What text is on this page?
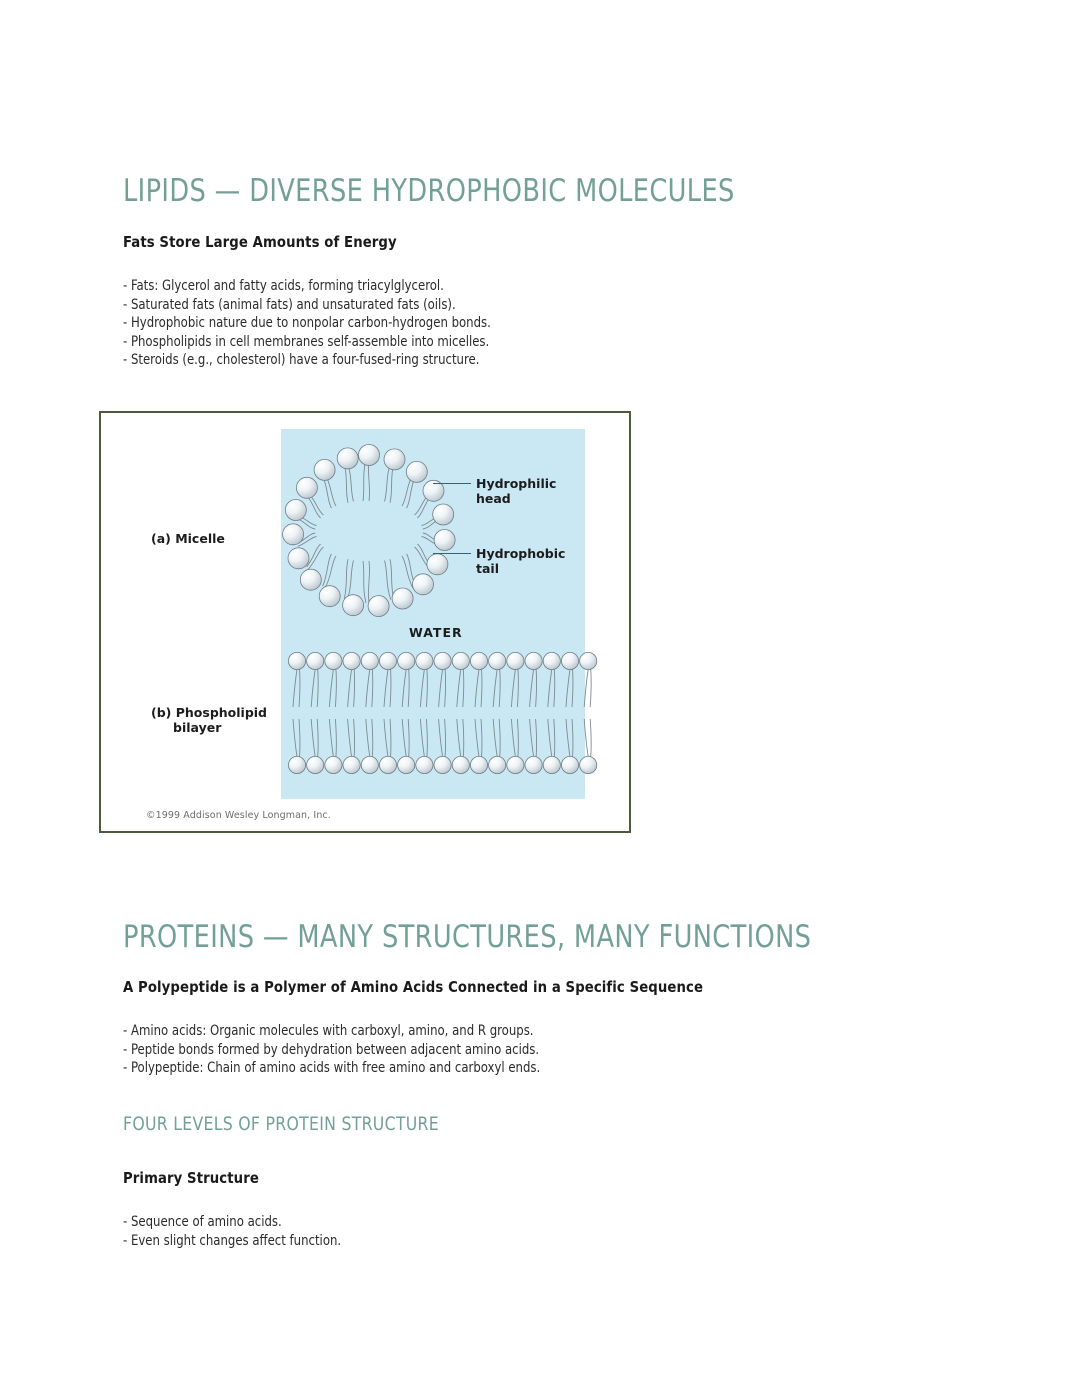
LIPIDS — DIVERSE HYDROPHOBIC MOLECULES
Fats Store Large Amounts of Energy
- Fats: Glycerol and fatty acids, forming triacylglycerol.
- Saturated fats (animal fats) and unsaturated fats (oils).
- Hydrophobic nature due to nonpolar carbon-hydrogen bonds.
- Phospholipids in cell membranes self-assemble into micelles.
- Steroids (e.g., cholesterol) have a four-fused-ring structure.
(a) Micelle
(b) Phospholipid
bilayer
Hydrophilic
head
Hydrophobic
tail
WATER
©1999 Addison Wesley Longman, Inc.
PROTEINS — MANY STRUCTURES, MANY FUNCTIONS
A Polypeptide is a Polymer of Amino Acids Connected in a Specific Sequence
- Amino acids: Organic molecules with carboxyl, amino, and R groups.
- Peptide bonds formed by dehydration between adjacent amino acids.
- Polypeptide: Chain of amino acids with free amino and carboxyl ends.
FOUR LEVELS OF PROTEIN STRUCTURE
Primary Structure
- Sequence of amino acids.
- Even slight changes affect function.
